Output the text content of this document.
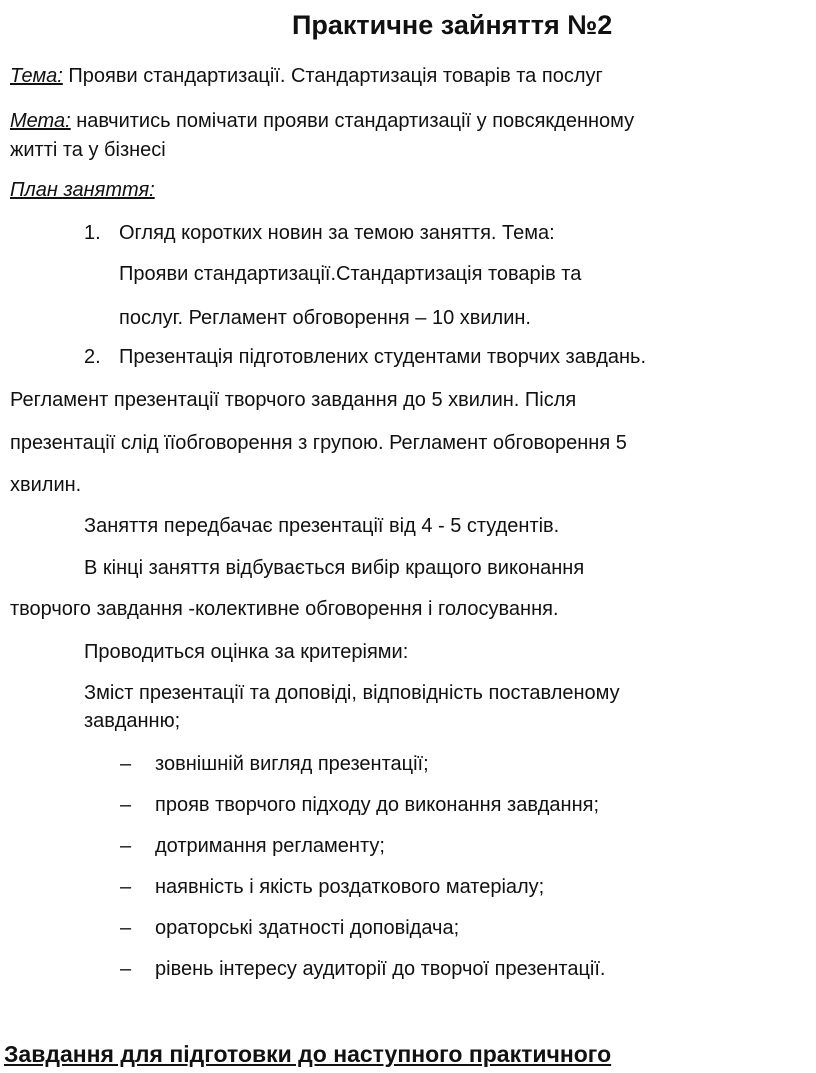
Практичне зайняття №2
Тема: Прояви стандартизації. Стандартизація товарів та послуг
Мета: навчитись помічати прояви стандартизації у повсякденному
житті та у бізнесі
План заняття:
1. Огляд коротких новин за темою заняття. Тема:
Прояви стандартизації.Стандартизація товарів та
послуг. Регламент обговорення – 10 хвилин.
2. Презентація підготовлених студентами творчих завдань.
Регламент презентації творчого завдання до 5 хвилин. Після
презентації слід їїобговорення з групою. Регламент обговорення 5
хвилин.
Заняття передбачає презентації від 4 - 5 студентів.
В кінці заняття відбувається вибір кращого виконання
творчого завдання -колективне обговорення і голосування.
Проводиться оцінка за критеріями:
Зміст презентації та доповіді, відповідність поставленому
завданню;
– зовнішній вигляд презентації;
– прояв творчого підходу до виконання завдання;
– дотримання регламенту;
– наявність і якість роздаткового матеріалу;
– ораторські здатності доповідача;
– рівень інтересу аудиторії до творчої презентації.
Завдання для підготовки до наступного практичного
